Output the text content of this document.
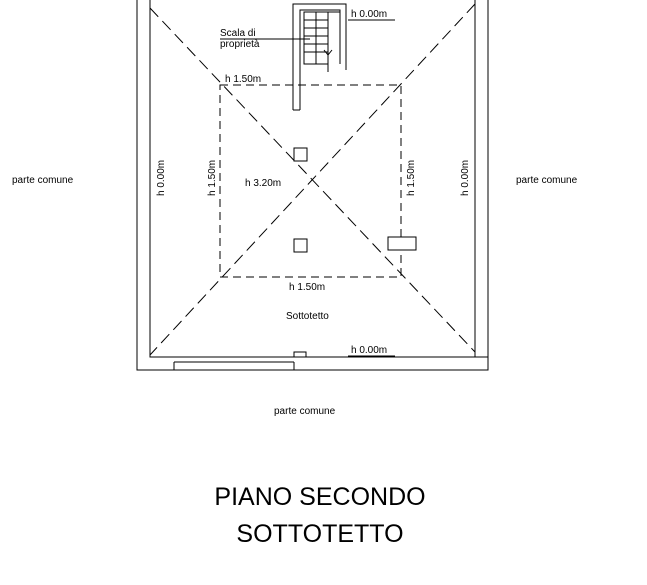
Scala di
proprietà
h 0.00m
h 1.50m
h 0.00m	h 1.50m	h 3.20m	h 1.50m	h 0.00m
h 1.50m
Sottotetto
h 0.00m
parte comune	parte comune
parte comune
PIANO SECONDO
SOTTOTETTO
